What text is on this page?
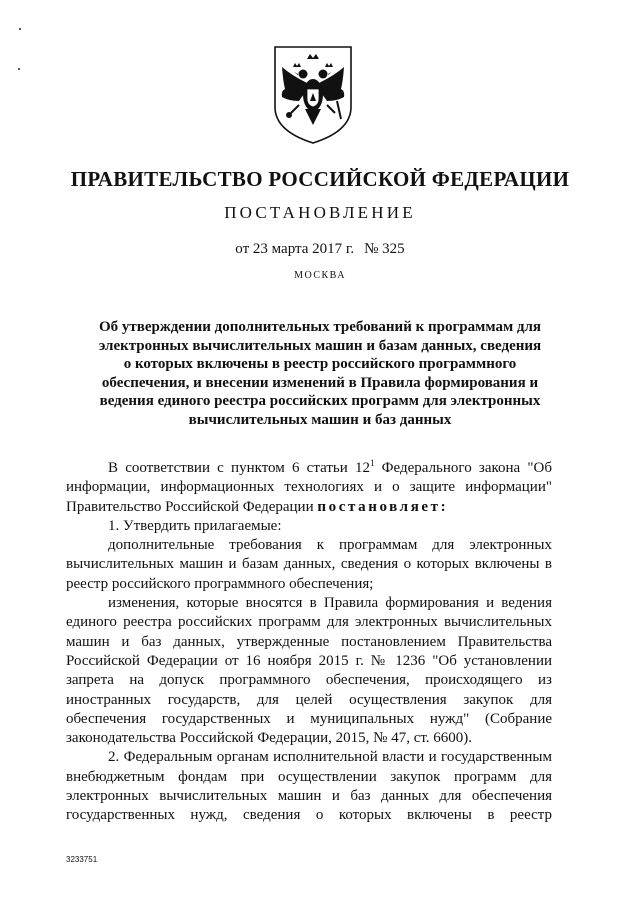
ПРАВИТЕЛЬСТВО РОССИЙСКОЙ ФЕДЕРАЦИИ
ПОСТАНОВЛЕНИЕ
от 23 марта 2017 г. № 325
МОСКВА
Об утверждении дополнительных требований к программам для электронных вычислительных машин и базам данных, сведения о которых включены в реестр российского программного обеспечения, и внесении изменений в Правила формирования и ведения единого реестра российских программ для электронных вычислительных машин и баз данных

В соответствии с пунктом 6 статьи $12^1$ Федерального закона "Об информации, информационных технологиях и о защите информации" Правительство Российской Федерации постановляет:

1. Утвердить прилагаемые:

дополнительные требования к программам для электронных вычислительных машин и базам данных, сведения о которых включены в реестр российского программного обеспечения;

изменения, которые вносятся в Правила формирования и ведения единого реестра российских программ для электронных вычислительных машин и баз данных, утвержденные постановлением Правительства Российской Федерации от 16 ноября 2015 г. № 1236 "Об установлении запрета на допуск программного обеспечения, происходящего из иностранных государств, для целей осуществления закупок для обеспечения государственных и муниципальных нужд" (Собрание законодательства Российской Федерации, 2015, № 47, ст. 6600).

2. Федеральным органам исполнительной власти и государственным внебюджетным фондам при осуществлении закупок программ для электронных вычислительных машин и баз данных для обеспечения государственных нужд, сведения о которых включены в реестр

3233751
